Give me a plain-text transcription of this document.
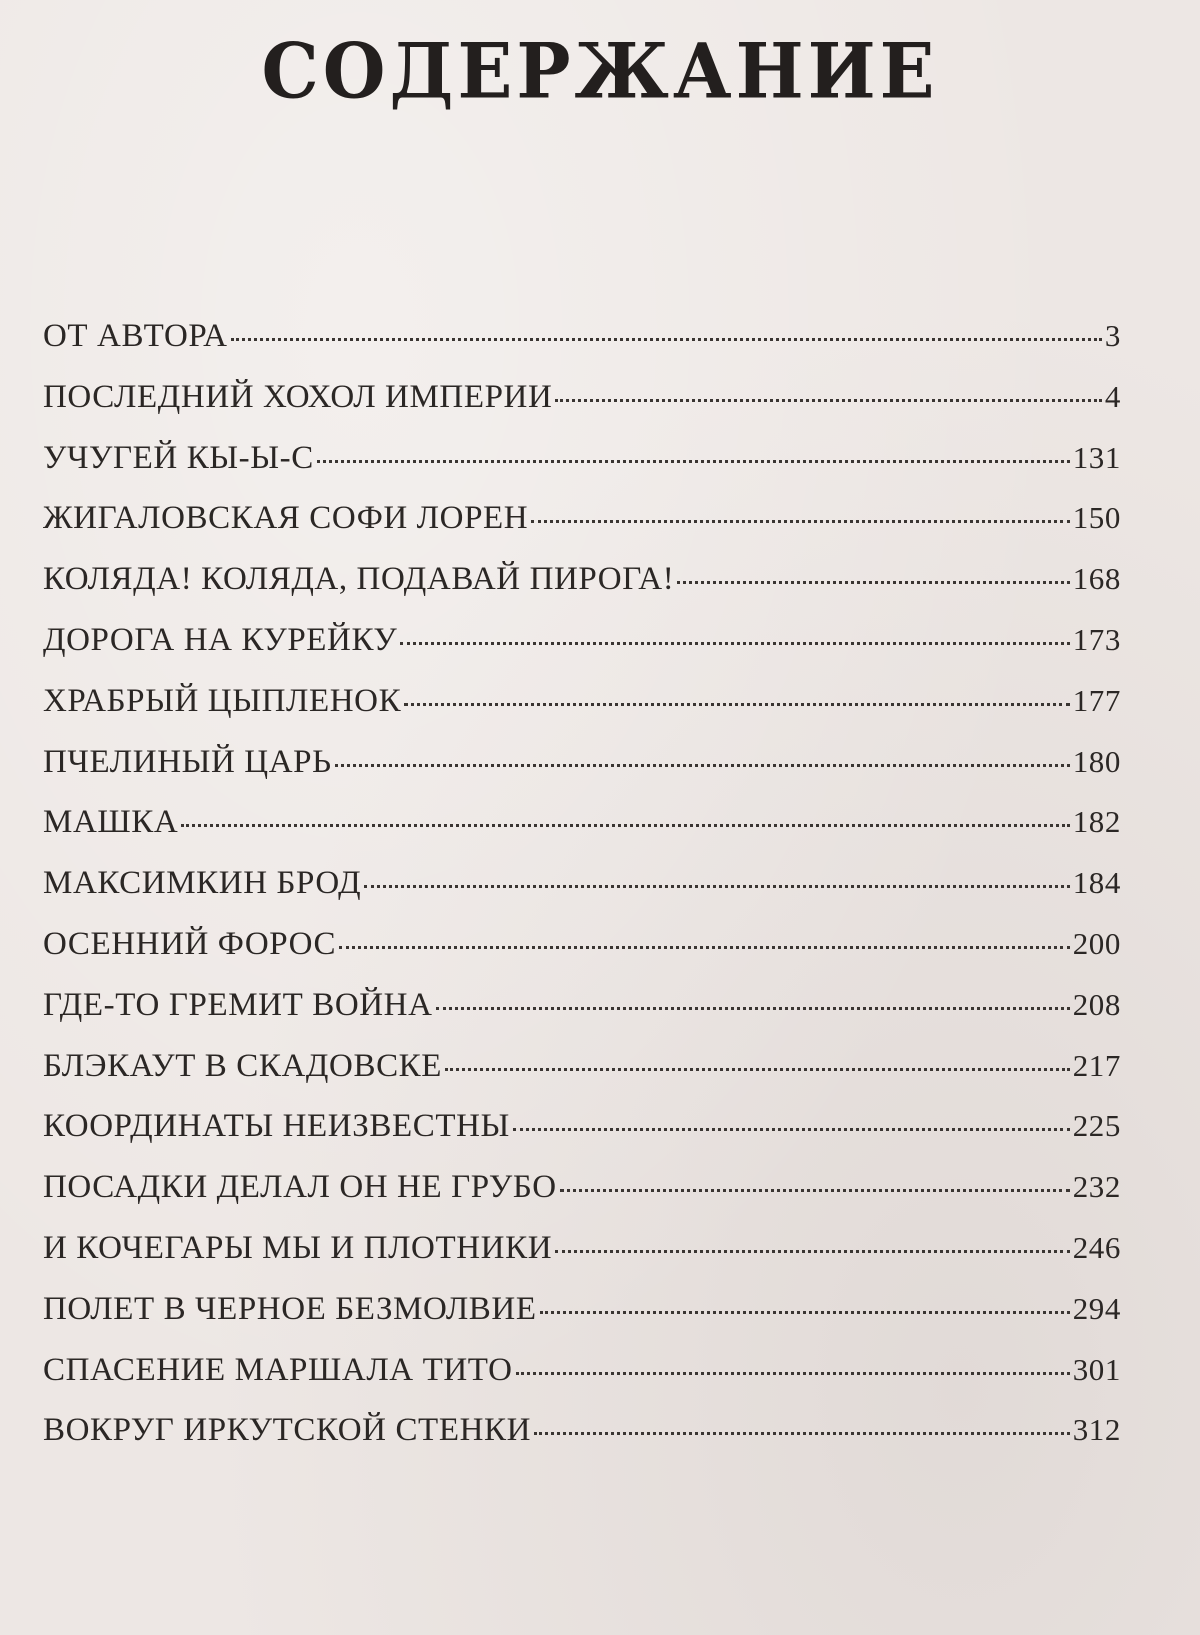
СОДЕРЖАНИЕ
ОТ АВТОРА	3
ПОСЛЕДНИЙ ХОХОЛ ИМПЕРИИ	4
УЧУГЕЙ КЫ-Ы-С	131
ЖИГАЛОВСКАЯ СОФИ ЛОРЕН	150
КОЛЯДА! КОЛЯДА, ПОДАВАЙ ПИРОГА!	168
ДОРОГА НА КУРЕЙКУ	173
ХРАБРЫЙ ЦЫПЛЕНОК	177
ПЧЕЛИНЫЙ ЦАРЬ	180
МАШКА	182
МАКСИМКИН БРОД	184
ОСЕННИЙ ФОРОС	200
ГДЕ-ТО ГРЕМИТ ВОЙНА	208
БЛЭКАУТ В СКАДОВСКЕ	217
КООРДИНАТЫ НЕИЗВЕСТНЫ	225
ПОСАДКИ ДЕЛАЛ ОН НЕ ГРУБО	232
И КОЧЕГАРЫ МЫ И ПЛОТНИКИ	246
ПОЛЕТ В ЧЕРНОЕ БЕЗМОЛВИЕ	294
СПАСЕНИЕ МАРШАЛА ТИТО	301
ВОКРУГ ИРКУТСКОЙ СТЕНКИ	312
